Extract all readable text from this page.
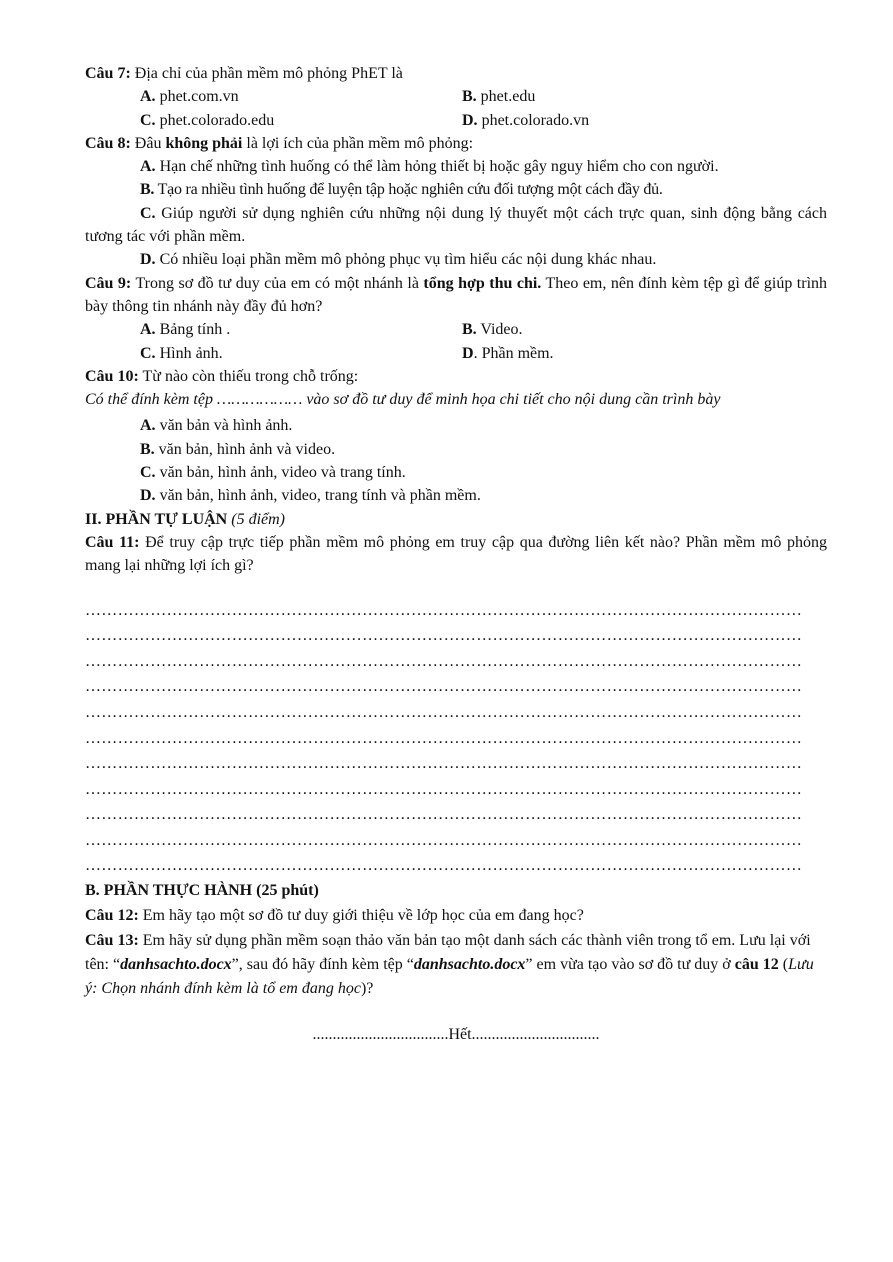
Câu 7: Địa chỉ của phần mềm mô phỏng PhET là
A. phet.com.vn	B. phet.edu
C. phet.colorado.edu	D. phet.colorado.vn
Câu 8: Đâu không phải là lợi ích của phần mềm mô phỏng:
A. Hạn chế những tình huống có thể làm hỏng thiết bị hoặc gây nguy hiểm cho con người.
B. Tạo ra nhiều tình huống để luyện tập hoặc nghiên cứu đối tượng một cách đầy đủ.
C. Giúp người sử dụng nghiên cứu những nội dung lý thuyết một cách trực quan, sinh động bằng cách tương tác với phần mềm.
D. Có nhiều loại phần mềm mô phỏng phục vụ tìm hiểu các nội dung khác nhau.
Câu 9: Trong sơ đồ tư duy của em có một nhánh là tổng hợp thu chi. Theo em, nên đính kèm tệp gì để giúp trình bày thông tin nhánh này đầy đủ hơn?
A. Bảng tính .	B. Video.
C. Hình ảnh.	D. Phần mềm.
Câu 10: Từ nào còn thiếu trong chỗ trống:
Có thể đính kèm tệp ……………… vào sơ đồ tư duy để minh họa chi tiết cho nội dung cần trình bày
A. văn bản và hình ảnh.
B. văn bản, hình ảnh và video.
C. văn bản, hình ảnh, video và trang tính.
D. văn bản, hình ảnh, video, trang tính và phần mềm.
II. PHẦN TỰ LUẬN (5 điểm)
Câu 11: Để truy cập trực tiếp phần mềm mô phỏng em truy cập qua đường liên kết nào? Phần mềm mô phỏng mang lại những lợi ích gì?
……………………………………………………………………………………………………………………
……………………………………………………………………………………………………………………
……………………………………………………………………………………………………………………
……………………………………………………………………………………………………………………
……………………………………………………………………………………………………………………
……………………………………………………………………………………………………………………
……………………………………………………………………………………………………………………
……………………………………………………………………………………………………………………
……………………………………………………………………………………………………………………
……………………………………………………………………………………………………………………
……………………………………………………………………………………………………………………
B. PHẦN THỰC HÀNH (25 phút)
Câu 12: Em hãy tạo một sơ đồ tư duy giới thiệu về lớp học của em đang học?
Câu 13: Em hãy sử dụng phần mềm soạn thảo văn bản tạo một danh sách các thành viên trong tổ em. Lưu lại với tên: “danhsachto.docx”, sau đó hãy đính kèm tệp “danhsachto.docx” em vừa tạo vào sơ đồ tư duy ở câu 12 (Lưu ý: Chọn nhánh đính kèm là tổ em đang học)?
..................................Hết................................
